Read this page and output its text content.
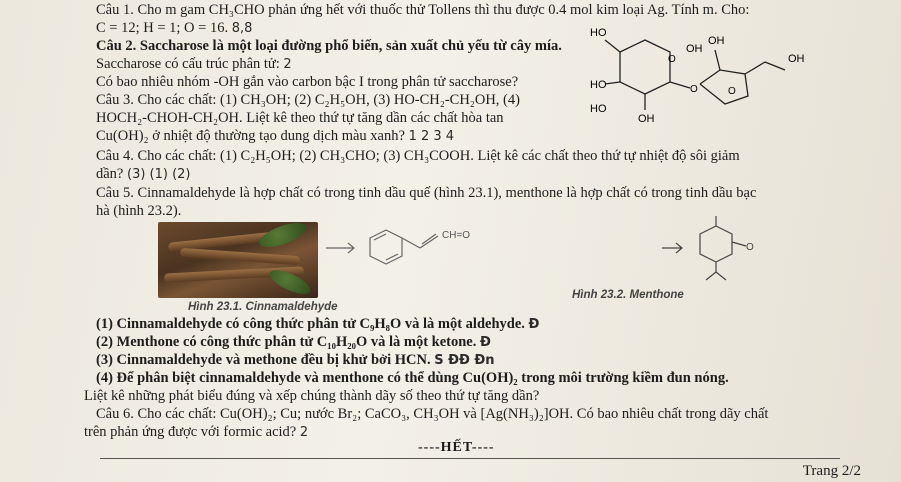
Câu 1. Cho m gam CH₃CHO phản ứng hết với thuốc thử Tollens thì thu được 0.4 mol kim loại Ag. Tính m. Cho:
C = 12; H = 1; O = 16. 8,8
Câu 2. Saccharose là một loại đường phổ biến, sản xuất chủ yếu từ cây mía.
Saccharose có cấu trúc phân tử: 2
Có bao nhiêu nhóm -OH gắn vào carbon bậc I trong phân tử saccharose?
Câu 3. Cho các chất: (1) CH₃OH; (2) C₂H₅OH, (3) HO-CH₂-CH₂OH, (4)
HOCH₂-CHOH-CH₂OH. Liệt kê theo thứ tự tăng dần các chất hòa tan
Cu(OH)₂ ở nhiệt độ thường tạo dung dịch màu xanh? 1 2 3 4
HO
HO
HO
OH
OH
OH
OH
O
O	O
Câu 4. Cho các chất: (1) C₂H₅OH; (2) CH₃CHO; (3) CH₃COOH. Liệt kê các chất theo thứ tự nhiệt độ sôi giảm
dần? (3) (1) (2)
Câu 5. Cinnamaldehyde là hợp chất có trong tinh dầu quế (hình 23.1), menthone là hợp chất có trong tinh dầu bạc
hà (hình 23.2).
CH=O
O
Hình 23.1. Cinnamaldehyde
Hình 23.2. Menthone
(1) Cinnamaldehyde có công thức phân tử C₉H₈O và là một aldehyde. Đ
(2) Menthone có công thức phân tử C₁₀H₂₀O và là một ketone. Đ
(3) Cinnamaldehyde và methone đều bị khử bởi HCN. S ĐĐ Đn
(4) Để phân biệt cinnamaldehyde và menthone có thể dùng Cu(OH)₂ trong môi trường kiềm đun nóng.
Liệt kê những phát biểu đúng và xếp chúng thành dãy số theo thứ tự tăng dần?
Câu 6. Cho các chất: Cu(OH)₂; Cu; nước Br₂; CaCO₃, CH₃OH và [Ag(NH₃)₂]OH. Có bao nhiêu chất trong dãy chất
trên phản ứng được với formic acid? 2
----HẾT----
Trang 2/2
